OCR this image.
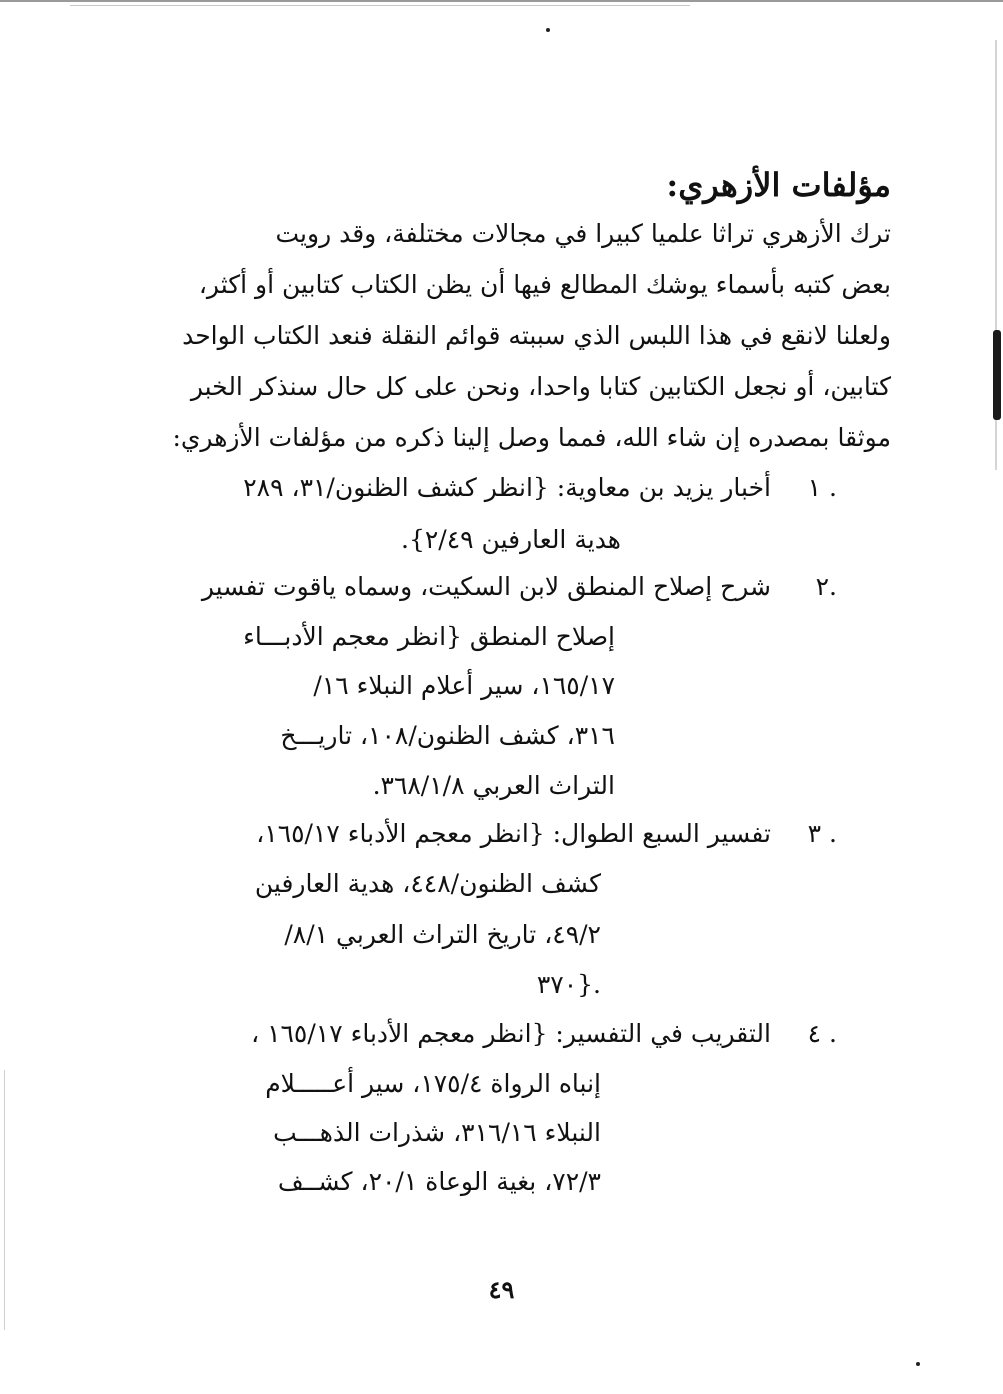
مؤلفات الأزهري:
ترك الأزهري تراثا علميا كبيرا في مجالات مختلفة، وقد رويت
بعض كتبه بأسماء يوشك المطالع فيها أن يظن الكتاب كتابين أو أكثر،
ولعلنا لانقع في هذا اللبس الذي سببته قوائم النقلة فنعد الكتاب الواحد
كتابين، أو نجعل الكتابين كتابا واحدا، ونحن على كل حال سنذكر الخبر
موثقا بمصدره إن شاء الله، فمما وصل إلينا ذكره من مؤلفات الأزهري:
١ .
أخبار يزيد بن معاوية: {انظر كشف الظنون/٣١، ٢٨٩
هدية العارفين ٢/٤٩}.
٢.
شرح إصلاح المنطق لابن السكيت، وسماه ياقوت تفسير
إصلاح المنطق {انظر معجم الأدبـــاء
١٦٥/١٧، سير أعلام النبلاء ١٦/
٣١٦، كشف الظنون/١٠٨، تاريـــخ
التراث العربي ٣٦٨/١/٨.
٣ .
تفسير السبع الطوال: {انظر معجم الأدباء ١٦٥/١٧،
كشف الظنون/٤٤٨، هدية العارفين
٤٩/٢، تاريخ التراث العربي ٨/١/
٣٧٠}.
٤ .
التقريب في التفسير: {انظر معجم الأدباء ١٦٥/١٧ ،
إنباه الرواة ١٧٥/٤، سير أعـــــلام
النبلاء ٣١٦/١٦، شذرات الذهـــب
٧٢/٣، بغية الوعاة ٢٠/١، كشــف
٤٩
